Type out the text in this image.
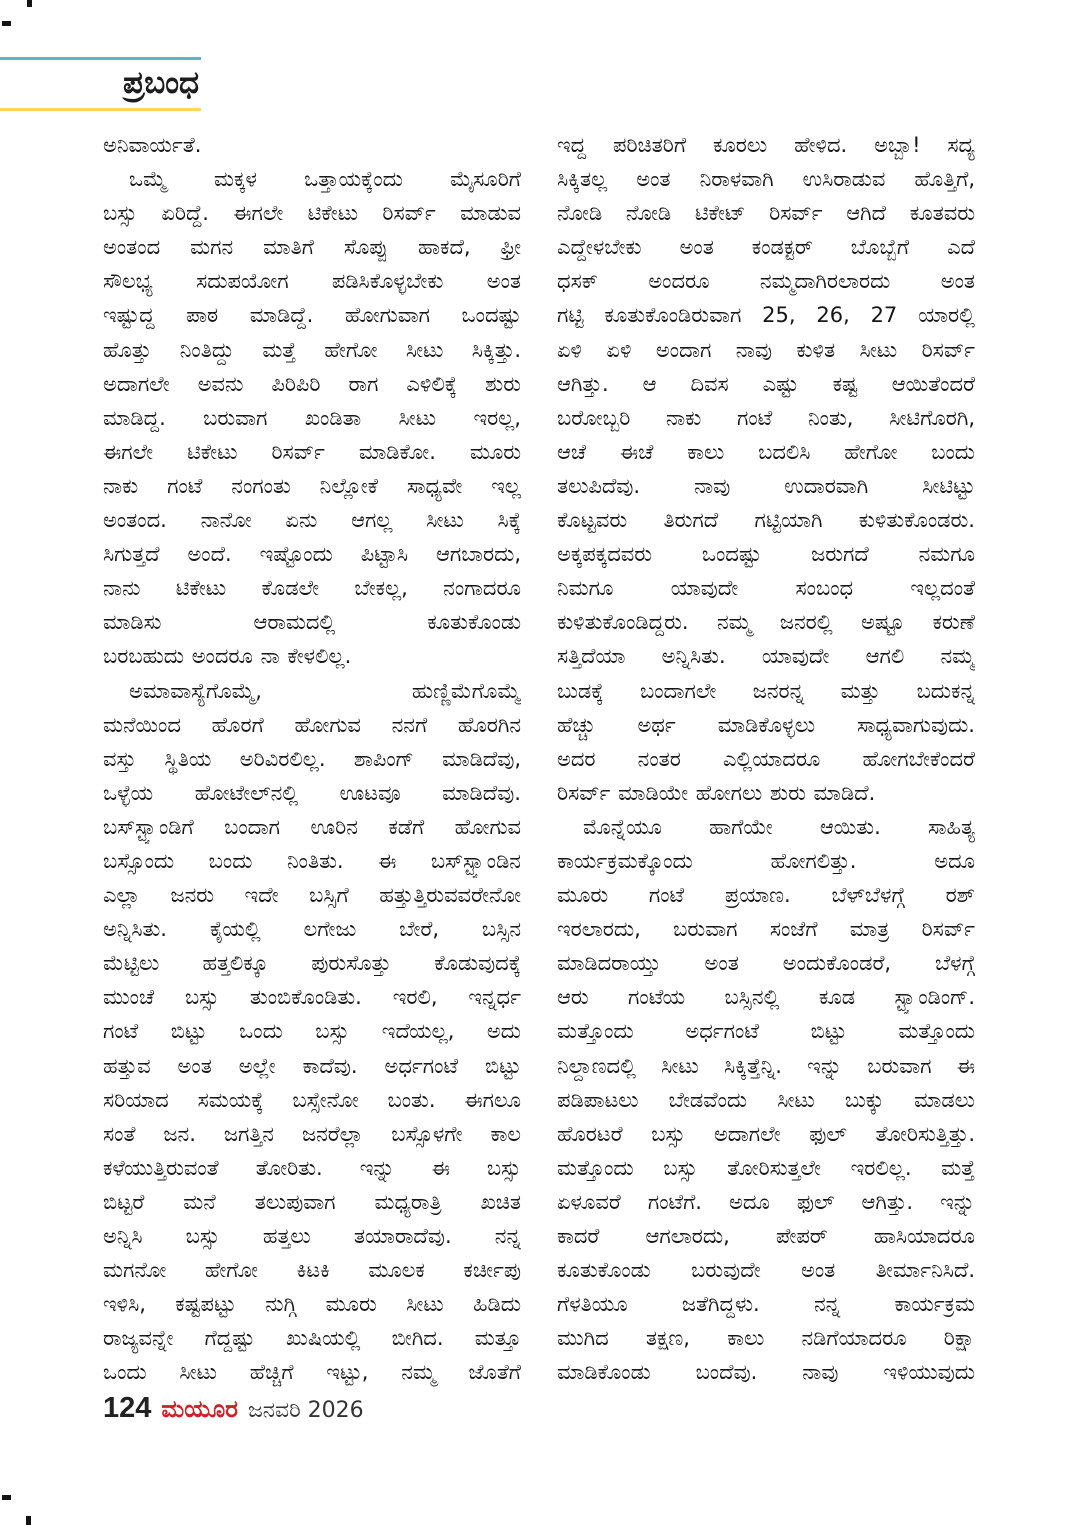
ಪ್ರಬಂಧ
ಅನಿವಾರ್ಯತೆ.
ಒಮ್ಮೆ ಮಕ್ಕಳ ಒತ್ತಾಯಕ್ಕೆಂದು ಮೈಸೂರಿಗೆ
ಬಸ್ಸು ಏರಿದ್ದೆ. ಈಗಲೇ ಟಿಕೇಟು ರಿಸರ್ವ್ ಮಾಡುವ
ಅಂತಂದ ಮಗನ ಮಾತಿಗೆ ಸೊಪ್ಪು ಹಾಕದೆ, ಫ್ರೀ
ಸೌಲಭ್ಯ ಸದುಪಯೋಗ ಪಡಿಸಿಕೊಳ್ಳಬೇಕು ಅಂತ
ಇಷ್ಟುದ್ದ ಪಾಠ ಮಾಡಿದ್ದೆ. ಹೋಗುವಾಗ ಒಂದಷ್ಟು
ಹೊತ್ತು ನಿಂತಿದ್ದು ಮತ್ತೆ ಹೇಗೋ ಸೀಟು ಸಿಕ್ಕಿತ್ತು.
ಅದಾಗಲೇ ಅವನು ಪಿರಿಪಿರಿ ರಾಗ ಎಳಿಲಿಕ್ಕೆ ಶುರು
ಮಾಡಿದ್ದ. ಬರುವಾಗ ಖಂಡಿತಾ ಸೀಟು ಇರಲ್ಲ,
ಈಗಲೇ ಟಿಕೇಟು ರಿಸರ್ವ್ ಮಾಡಿಕೋ. ಮೂರು
ನಾಕು ಗಂಟೆ ನಂಗಂತು ನಿಲ್ಲೋಕೆ ಸಾಧ್ಯವೇ ಇಲ್ಲ
ಅಂತಂದ. ನಾನೋ ಏನು ಆಗಲ್ಲ ಸೀಟು ಸಿಕ್ಕೆ
ಸಿಗುತ್ತದೆ ಅಂದೆ. ಇಷ್ಟೊಂದು ಪಿಟ್ಟಾಸಿ ಆಗಬಾರದು,
ನಾನು ಟಿಕೇಟು ಕೊಡಲೇ ಬೇಕಲ್ಲ, ನಂಗಾದರೂ
ಮಾಡಿಸು ಆರಾಮದಲ್ಲಿ ಕೂತುಕೊಂಡು
ಬರಬಹುದು ಅಂದರೂ ನಾ ಕೇಳಲಿಲ್ಲ.
ಅಮಾವಾಸ್ಯೆಗೊಮ್ಮೆ, ಹುಣ್ಣಿಮೆಗೊಮ್ಮೆ
ಮನೆಯಿಂದ ಹೊರಗೆ ಹೋಗುವ ನನಗೆ ಹೊರಗಿನ
ವಸ್ತು ಸ್ಥಿತಿಯ ಅರಿವಿರಲಿಲ್ಲ. ಶಾಪಿಂಗ್ ಮಾಡಿದೆವು,
ಒಳ್ಳೆಯ ಹೋಟೇಲ್‌ನಲ್ಲಿ ಊಟವೂ ಮಾಡಿದೆವು.
ಬಸ್‌ಸ್ಟ್ಯಾಂಡಿಗೆ ಬಂದಾಗ ಊರಿನ ಕಡೆಗೆ ಹೋಗುವ
ಬಸ್ಸೊಂದು ಬಂದು ನಿಂತಿತು. ಈ ಬಸ್‌ಸ್ಟ್ಯಾಂಡಿನ
ಎಲ್ಲಾ ಜನರು ಇದೇ ಬಸ್ಸಿಗೆ ಹತ್ತುತ್ತಿರುವವರೇನೋ
ಅನ್ನಿಸಿತು. ಕೈಯಲ್ಲಿ ಲಗೇಜು ಬೇರೆ, ಬಸ್ಸಿನ
ಮೆಟ್ಟಿಲು ಹತ್ತಲಿಕ್ಕೂ ಪುರುಸೊತ್ತು ಕೊಡುವುದಕ್ಕೆ
ಮುಂಚೆ ಬಸ್ಸು ತುಂಬಿಕೊಂಡಿತು. ಇರಲಿ, ಇನ್ನರ್ಧ
ಗಂಟೆ ಬಿಟ್ಟು ಒಂದು ಬಸ್ಸು ಇದೆಯಲ್ಲ, ಅದು
ಹತ್ತುವ ಅಂತ ಅಲ್ಲೇ ಕಾದೆವು. ಅರ್ಧಗಂಟೆ ಬಿಟ್ಟು
ಸರಿಯಾದ ಸಮಯಕ್ಕೆ ಬಸ್ಸೇನೋ ಬಂತು. ಈಗಲೂ
ಸಂತೆ ಜನ. ಜಗತ್ತಿನ ಜನರೆಲ್ಲಾ ಬಸ್ಸೊಳಗೇ ಕಾಲ
ಕಳೆಯುತ್ತಿರುವಂತೆ ತೋರಿತು. ಇನ್ನು ಈ ಬಸ್ಸು
ಬಿಟ್ಟರೆ ಮನೆ ತಲುಪುವಾಗ ಮಧ್ಯರಾತ್ರಿ ಖಚಿತ
ಅನ್ನಿಸಿ ಬಸ್ಸು ಹತ್ತಲು ತಯಾರಾದೆವು. ನನ್ನ
ಮಗನೋ ಹೇಗೋ ಕಿಟಕಿ ಮೂಲಕ ಕರ್ಚೀಪು
ಇಳಿಸಿ, ಕಷ್ಟಪಟ್ಟು ನುಗ್ಗಿ ಮೂರು ಸೀಟು ಹಿಡಿದು
ರಾಜ್ಯವನ್ನೇ ಗೆದ್ದಷ್ಟು ಖುಷಿಯಲ್ಲಿ ಬೀಗಿದ. ಮತ್ತೂ
ಒಂದು ಸೀಟು ಹೆಚ್ಚಿಗೆ ಇಟ್ಟು, ನಮ್ಮ ಜೊತೆಗೆ
ಇದ್ದ ಪರಿಚಿತರಿಗೆ ಕೂರಲು ಹೇಳಿದ. ಅಬ್ಬಾ! ಸದ್ಯ
ಸಿಕ್ಕಿತಲ್ಲ ಅಂತ ನಿರಾಳವಾಗಿ ಉಸಿರಾಡುವ ಹೊತ್ತಿಗೆ,
ನೋಡಿ ನೋಡಿ ಟಿಕೇಟ್ ರಿಸರ್ವ್ ಆಗಿದೆ ಕೂತವರು
ಎದ್ದೇಳಬೇಕು ಅಂತ ಕಂಡಕ್ಟರ್ ಬೊಬ್ಬೆಗೆ ಎದೆ
ಧಸಕ್ ಅಂದರೂ ನಮ್ಮದಾಗಿರಲಾರದು ಅಂತ
ಗಟ್ಟಿ ಕೂತುಕೊಂಡಿರುವಾಗ 25, 26, 27 ಯಾರಲ್ಲಿ
ಏಳಿ ಏಳಿ ಅಂದಾಗ ನಾವು ಕುಳಿತ ಸೀಟು ರಿಸರ್ವ್
ಆಗಿತ್ತು. ಆ ದಿವಸ ಎಷ್ಟು ಕಷ್ಟ ಆಯಿತೆಂದರೆ
ಬರೋಬ್ಬರಿ ನಾಕು ಗಂಟೆ ನಿಂತು, ಸೀಟಿಗೊರಗಿ,
ಆಚೆ ಈಚೆ ಕಾಲು ಬದಲಿಸಿ ಹೇಗೋ ಬಂದು
ತಲುಪಿದೆವು. ನಾವು ಉದಾರವಾಗಿ ಸೀಟಿಟ್ಟು
ಕೊಟ್ಟವರು ತಿರುಗದೆ ಗಟ್ಟಿಯಾಗಿ ಕುಳಿತುಕೊಂಡರು.
ಅಕ್ಕಪಕ್ಕದವರು ಒಂದಷ್ಟು ಜರುಗದೆ ನಮಗೂ
ನಿಮಗೂ ಯಾವುದೇ ಸಂಬಂಧ ಇಲ್ಲದಂತೆ
ಕುಳಿತುಕೊಂಡಿದ್ದರು. ನಮ್ಮ ಜನರಲ್ಲಿ ಅಷ್ಟೂ ಕರುಣೆ
ಸತ್ತಿದೆಯಾ ಅನ್ನಿಸಿತು. ಯಾವುದೇ ಆಗಲಿ ನಮ್ಮ
ಬುಡಕ್ಕೆ ಬಂದಾಗಲೇ ಜನರನ್ನ ಮತ್ತು ಬದುಕನ್ನ
ಹೆಚ್ಚು ಅರ್ಥ ಮಾಡಿಕೊಳ್ಳಲು ಸಾಧ್ಯವಾಗುವುದು.
ಅದರ ನಂತರ ಎಲ್ಲಿಯಾದರೂ ಹೋಗಬೇಕೆಂದರೆ
ರಿಸರ್ವ್ ಮಾಡಿಯೇ ಹೋಗಲು ಶುರು ಮಾಡಿದೆ.
ಮೊನ್ನೆಯೂ ಹಾಗೆಯೇ ಆಯಿತು. ಸಾಹಿತ್ಯ
ಕಾರ್ಯಕ್ರಮಕ್ಕೊಂದು ಹೋಗಲಿತ್ತು. ಅದೂ
ಮೂರು ಗಂಟೆ ಪ್ರಯಾಣ. ಬೆಳ್‌ಬೆಳಗ್ಗೆ ರಶ್
ಇರಲಾರದು, ಬರುವಾಗ ಸಂಜೆಗೆ ಮಾತ್ರ ರಿಸರ್ವ್
ಮಾಡಿದರಾಯ್ತು ಅಂತ ಅಂದುಕೊಂಡರೆ, ಬೆಳಗ್ಗೆ
ಆರು ಗಂಟೆಯ ಬಸ್ಸಿನಲ್ಲಿ ಕೂಡ ಸ್ಟ್ಯಾಂಡಿಂಗ್.
ಮತ್ತೊಂದು ಅರ್ಧಗಂಟೆ ಬಿಟ್ಟು ಮತ್ತೊಂದು
ನಿಲ್ದಾಣದಲ್ಲಿ ಸೀಟು ಸಿಕ್ಕಿತ್ತೆನ್ನಿ. ಇನ್ನು ಬರುವಾಗ ಈ
ಪಡಿಪಾಟಲು ಬೇಡವೆಂದು ಸೀಟು ಬುಕ್ಕು ಮಾಡಲು
ಹೊರಟರೆ ಬಸ್ಸು ಅದಾಗಲೇ ಫುಲ್ ತೋರಿಸುತ್ತಿತ್ತು.
ಮತ್ತೊಂದು ಬಸ್ಸು ತೋರಿಸುತ್ತಲೇ ಇರಲಿಲ್ಲ. ಮತ್ತೆ
ಏಳೂವರೆ ಗಂಟೆಗೆ. ಅದೂ ಫುಲ್ ಆಗಿತ್ತು. ಇನ್ನು
ಕಾದರೆ ಆಗಲಾರದು, ಪೇಪರ್ ಹಾಸಿಯಾದರೂ
ಕೂತುಕೊಂಡು ಬರುವುದೇ ಅಂತ ತೀರ್ಮಾನಿಸಿದೆ.
ಗೆಳತಿಯೂ ಜತೆಗಿದ್ದಳು. ನನ್ನ ಕಾರ್ಯಕ್ರಮ
ಮುಗಿದ ತಕ್ಷಣ, ಕಾಲು ನಡಿಗೆಯಾದರೂ ರಿಕ್ಷಾ
ಮಾಡಿಕೊಂಡು ಬಂದೆವು. ನಾವು ಇಳಿಯುವುದು
124 ಮಯೂರ ಜನವರಿ 2026
